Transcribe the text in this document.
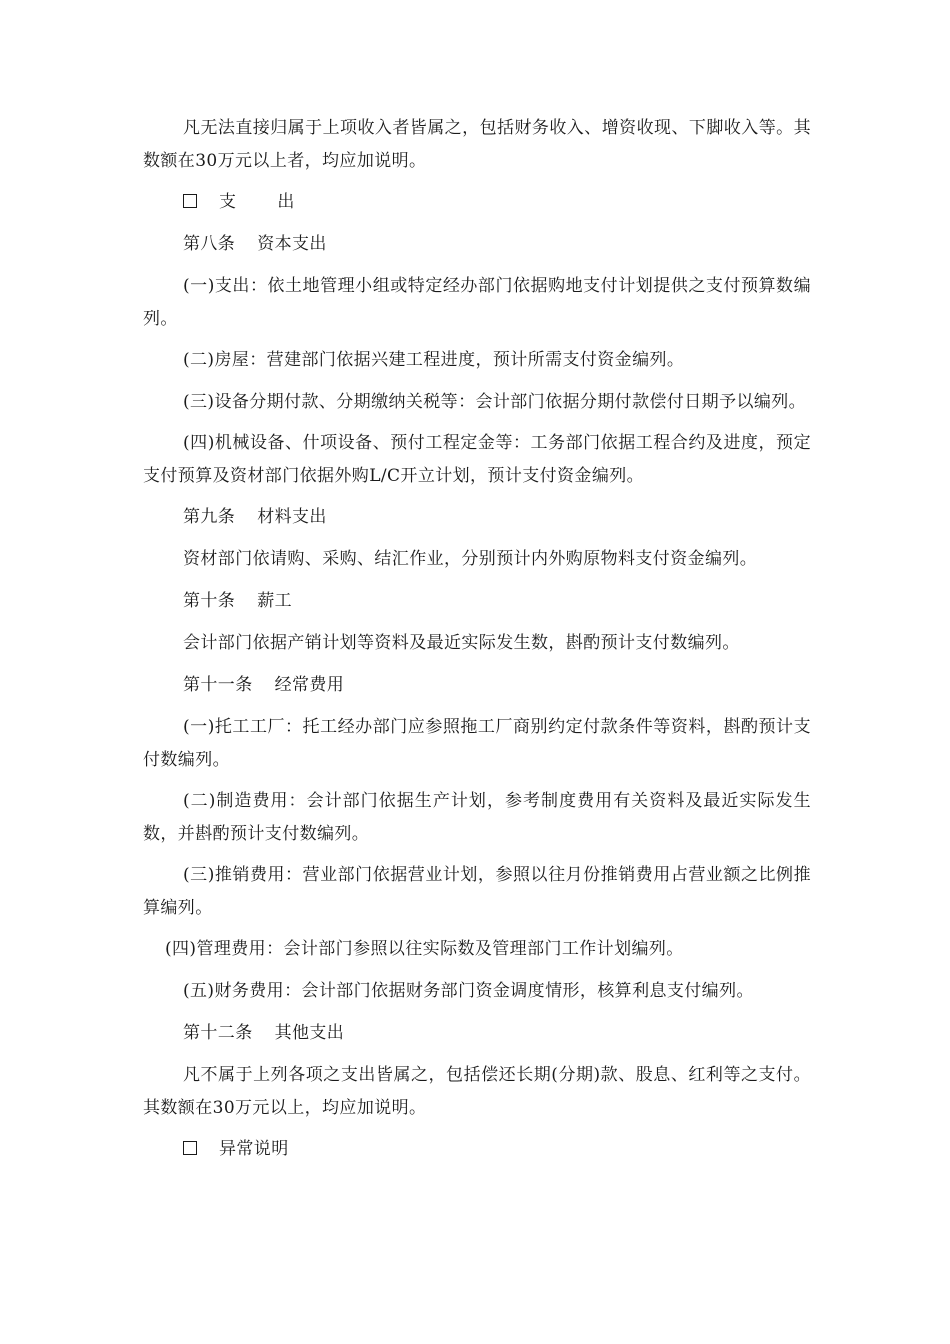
凡无法直接归属于上项收入者皆属之，包括财务收入、增资收现、下脚收入等。其数额在30万元以上者，均应加说明。

支 出
第八条 资本支出

(一)支出：依土地管理小组或特定经办部门依据购地支付计划提供之支付预算数编列。

(二)房屋：营建部门依据兴建工程进度，预计所需支付资金编列。

(三)设备分期付款、分期缴纳关税等：会计部门依据分期付款偿付日期予以编列。

(四)机械设备、什项设备、预付工程定金等：工务部门依据工程合约及进度，预定支付预算及资材部门依据外购L/C开立计划，预计支付资金编列。

第九条 材料支出

资材部门依请购、采购、结汇作业，分别预计内外购原物料支付资金编列。

第十条 薪工

会计部门依据产销计划等资料及最近实际发生数，斟酌预计支付数编列。

第十一条 经常费用

(一)托工工厂：托工经办部门应参照拖工厂商别约定付款条件等资料，斟酌预计支付数编列。

(二)制造费用：会计部门依据生产计划，参考制度费用有关资料及最近实际发生数，并斟酌预计支付数编列。

(三)推销费用：营业部门依据营业计划，参照以往月份推销费用占营业额之比例推算编列。

(四)管理费用：会计部门参照以往实际数及管理部门工作计划编列。

(五)财务费用：会计部门依据财务部门资金调度情形，核算利息支付编列。

第十二条 其他支出

凡不属于上列各项之支出皆属之，包括偿还长期(分期)款、股息、红利等之支付。其数额在30万元以上，均应加说明。

异常说明
